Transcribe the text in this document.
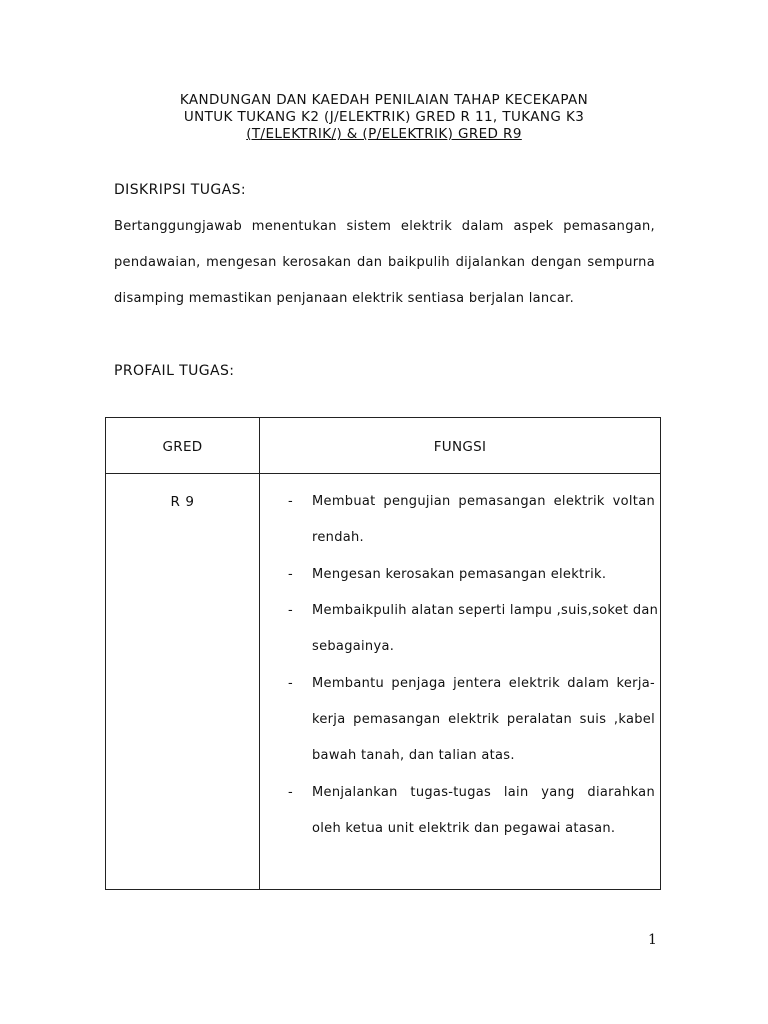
KANDUNGAN DAN KAEDAH PENILAIAN TAHAP KECEKAPAN
UNTUK TUKANG K2 (J/ELEKTRIK) GRED R 11, TUKANG K3
(T/ELEKTRIK/) & (P/ELEKTRIK) GRED R9
DISKRIPSI TUGAS:
Bertanggungjawab menentukan sistem elektrik dalam aspek pemasangan,
pendawaian, mengesan kerosakan dan baikpulih dijalankan dengan sempurna
disamping memastikan penjanaan elektrik sentiasa berjalan lancar.
PROFAIL TUGAS:
GRED	FUNGSI
R 9	- Membuat pengujian pemasangan elektrik voltan
rendah.
- Mengesan kerosakan pemasangan elektrik.
- Membaikpulih alatan seperti lampu ,suis,soket dan
sebagainya.
- Membantu penjaga jentera elektrik dalam kerja-
kerja pemasangan elektrik peralatan suis ,kabel
bawah tanah, dan talian atas.
- Menjalankan tugas-tugas lain yang diarahkan
oleh ketua unit elektrik dan pegawai atasan.
1
